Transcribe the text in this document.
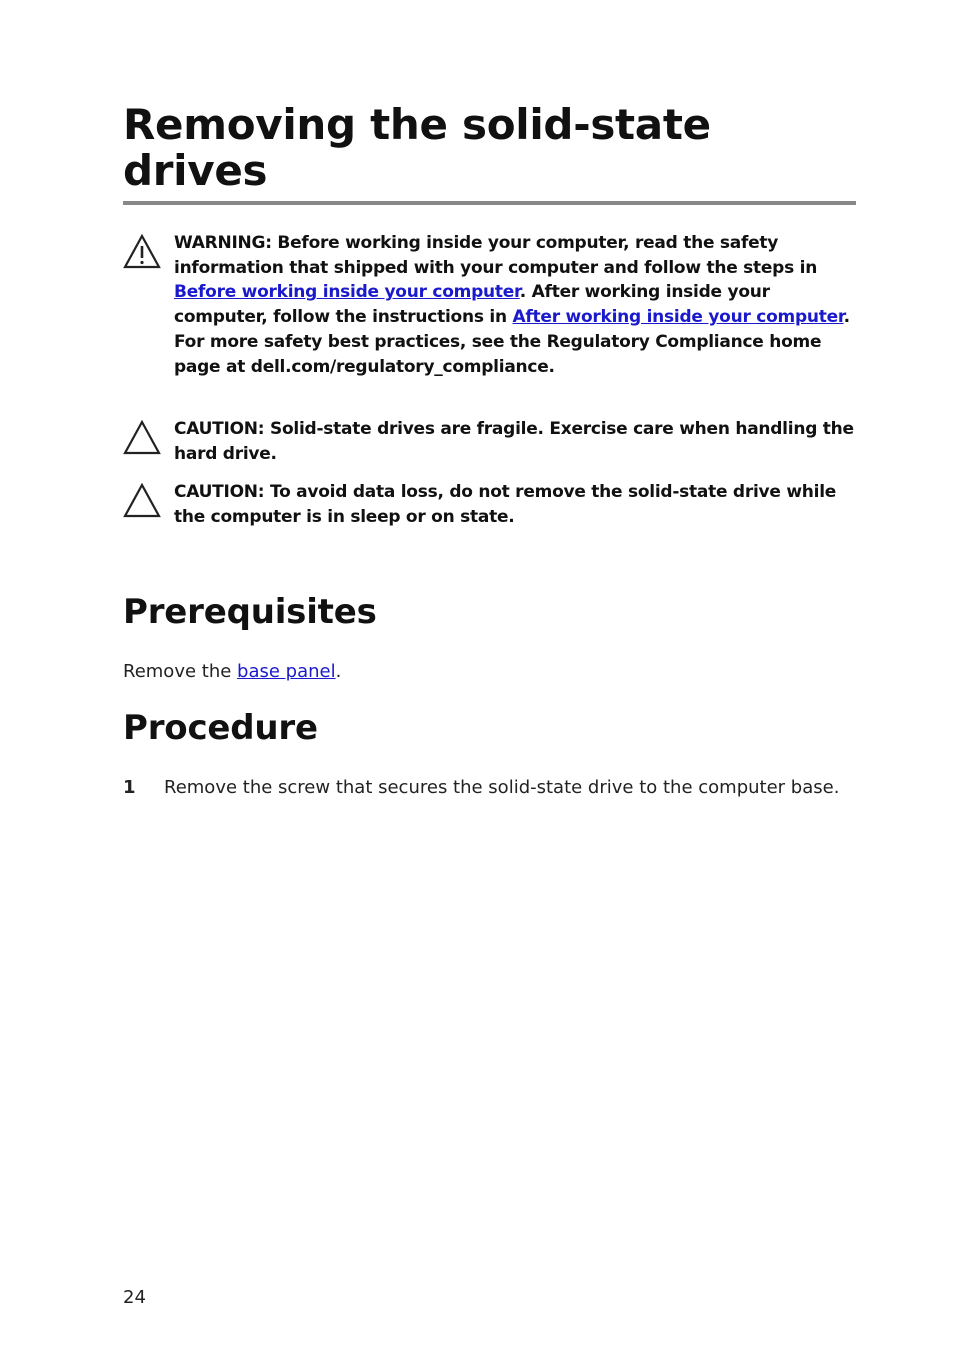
Removing the solid-state drives
WARNING: Before working inside your computer, read the safety information that shipped with your computer and follow the steps in Before working inside your computer. After working inside your computer, follow the instructions in After working inside your computer. For more safety best practices, see the Regulatory Compliance home page at dell.com/regulatory_compliance.
CAUTION: Solid-state drives are fragile. Exercise care when handling the hard drive.
CAUTION: To avoid data loss, do not remove the solid-state drive while the computer is in sleep or on state.
Prerequisites

Remove the base panel.

Procedure
1 Remove the screw that secures the solid-state drive to the computer base.
24
